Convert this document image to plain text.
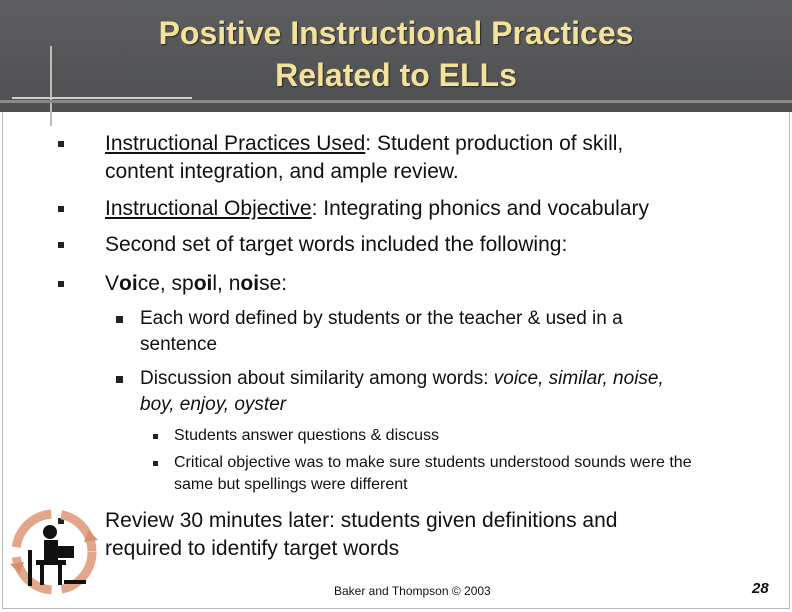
Positive Instructional Practices
Related to ELLs
Instructional Practices Used: Student production of skill,
content integration, and ample review.
Instructional Objective: Integrating phonics and vocabulary
Second set of target words included the following:
Voice, spoil, noise:
Each word defined by students or the teacher & used in a
sentence
Discussion about similarity among words: voice, similar, noise,
boy, enjoy, oyster
Students answer questions & discuss
Critical objective was to make sure students understood sounds were the
same but spellings were different
Review 30 minutes later: students given definitions and
required to identify target words
Baker and Thompson © 2003	28
